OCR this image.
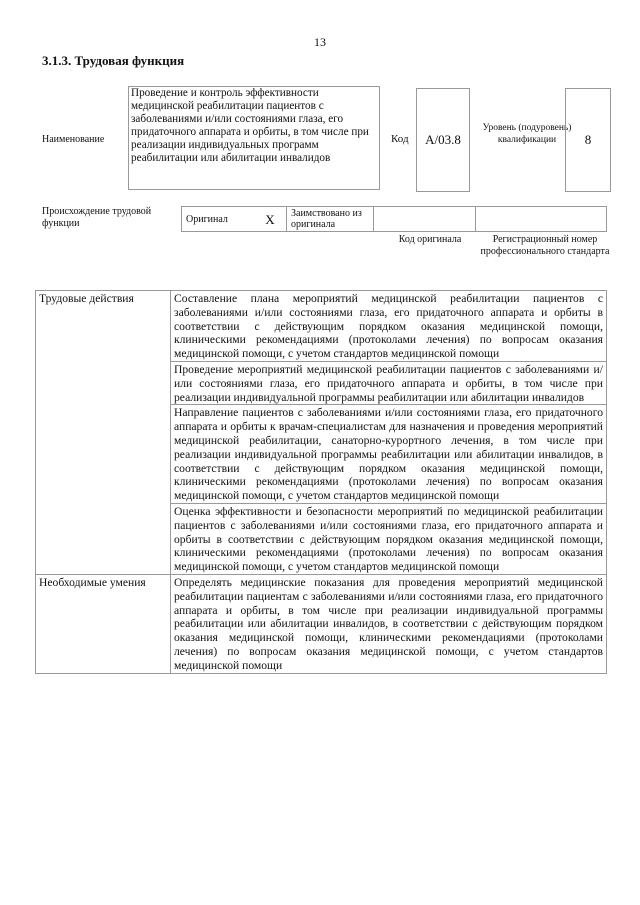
13
3.1.3. Трудовая функция
Наименование
Проведение и контроль эффективности медицинской реабилитации пациентов с заболеваниями и/или состояниями глаза, его придаточного аппарата и орбиты, в том числе при реализации индивидуальных программ реабилитации или абилитации инвалидов
Код	A/03.8
Уровень (подуровень) квалификации	8
Происхождение трудовой функции	Оригинал	X	Заимствовано из оригинала		
Код оригинала	Регистрационный номер профессионального стандарта
Трудовые действия	Составление плана мероприятий медицинской реабилитации пациентов с заболеваниями и/или состояниями глаза, его придаточного аппарата и орбиты в соответствии с действующим порядком оказания медицинской помощи, клиническими рекомендациями (протоколами лечения) по вопросам оказания медицинской помощи, с учетом стандартов медицинской помощи
	Проведение мероприятий медицинской реабилитации пациентов с заболеваниями и/или состояниями глаза, его придаточного аппарата и орбиты, в том числе при реализации индивидуальной программы реабилитации или абилитации инвалидов
	Направление пациентов с заболеваниями и/или состояниями глаза, его придаточного аппарата и орбиты к врачам-специалистам для назначения и проведения мероприятий медицинской реабилитации, санаторно-курортного лечения, в том числе при реализации индивидуальной программы реабилитации или абилитации инвалидов, в соответствии с действующим порядком оказания медицинской помощи, клиническими рекомендациями (протоколами лечения) по вопросам оказания медицинской помощи, с учетом стандартов медицинской помощи
	Оценка эффективности и безопасности мероприятий по медицинской реабилитации пациентов с заболеваниями и/или состояниями глаза, его придаточного аппарата и орбиты в соответствии с действующим порядком оказания медицинской помощи, клиническими рекомендациями (протоколами лечения) по вопросам оказания медицинской помощи, с учетом стандартов медицинской помощи
Необходимые умения	Определять медицинские показания для проведения мероприятий медицинской реабилитации пациентам с заболеваниями и/или состояниями глаза, его придаточного аппарата и орбиты, в том числе при реализации индивидуальной программы реабилитации или абилитации инвалидов, в соответствии с действующим порядком оказания медицинской помощи, клиническими рекомендациями (протоколами лечения) по вопросам оказания медицинской помощи, с учетом стандартов медицинской помощи
